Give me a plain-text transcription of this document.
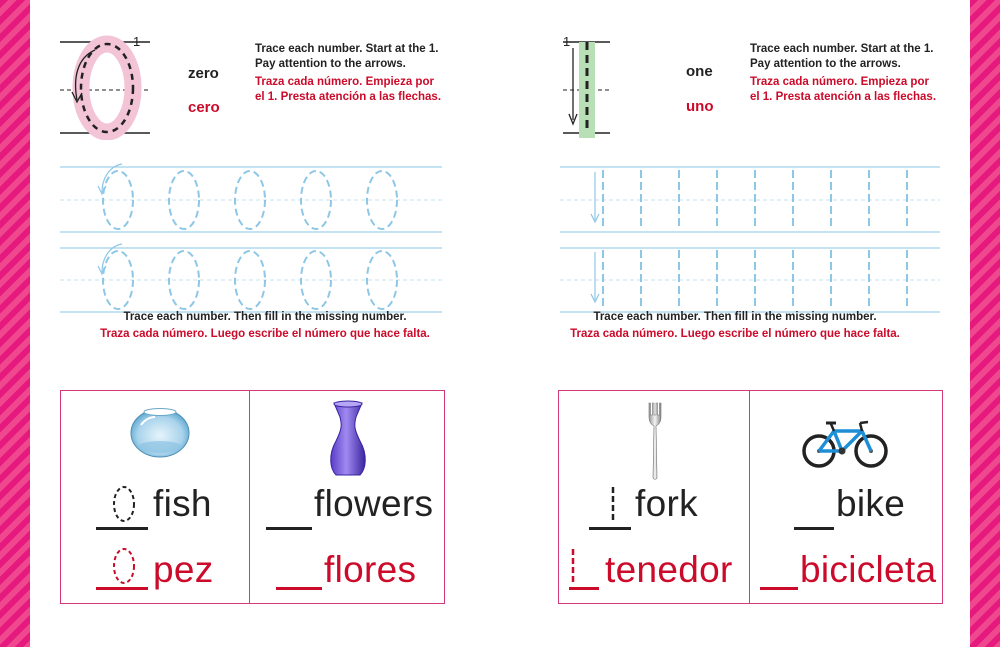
1
zero
cero
Trace each number. Start at the 1.
Pay attention to the arrows.
Traza cada número. Empieza por
el 1. Presta atención a las flechas.
Trace each number. Then fill in the missing number.
Traza cada número. Luego escribe el número que hace falta.
fish
pez
flowers
flores
1
one
uno
Trace each number. Start at the 1.
Pay attention to the arrows.
Traza cada número. Empieza por
el 1. Presta atención a las flechas.
Trace each number. Then fill in the missing number.
Traza cada número. Luego escribe el número que hace falta.
fork
tenedor
bike
bicicleta
